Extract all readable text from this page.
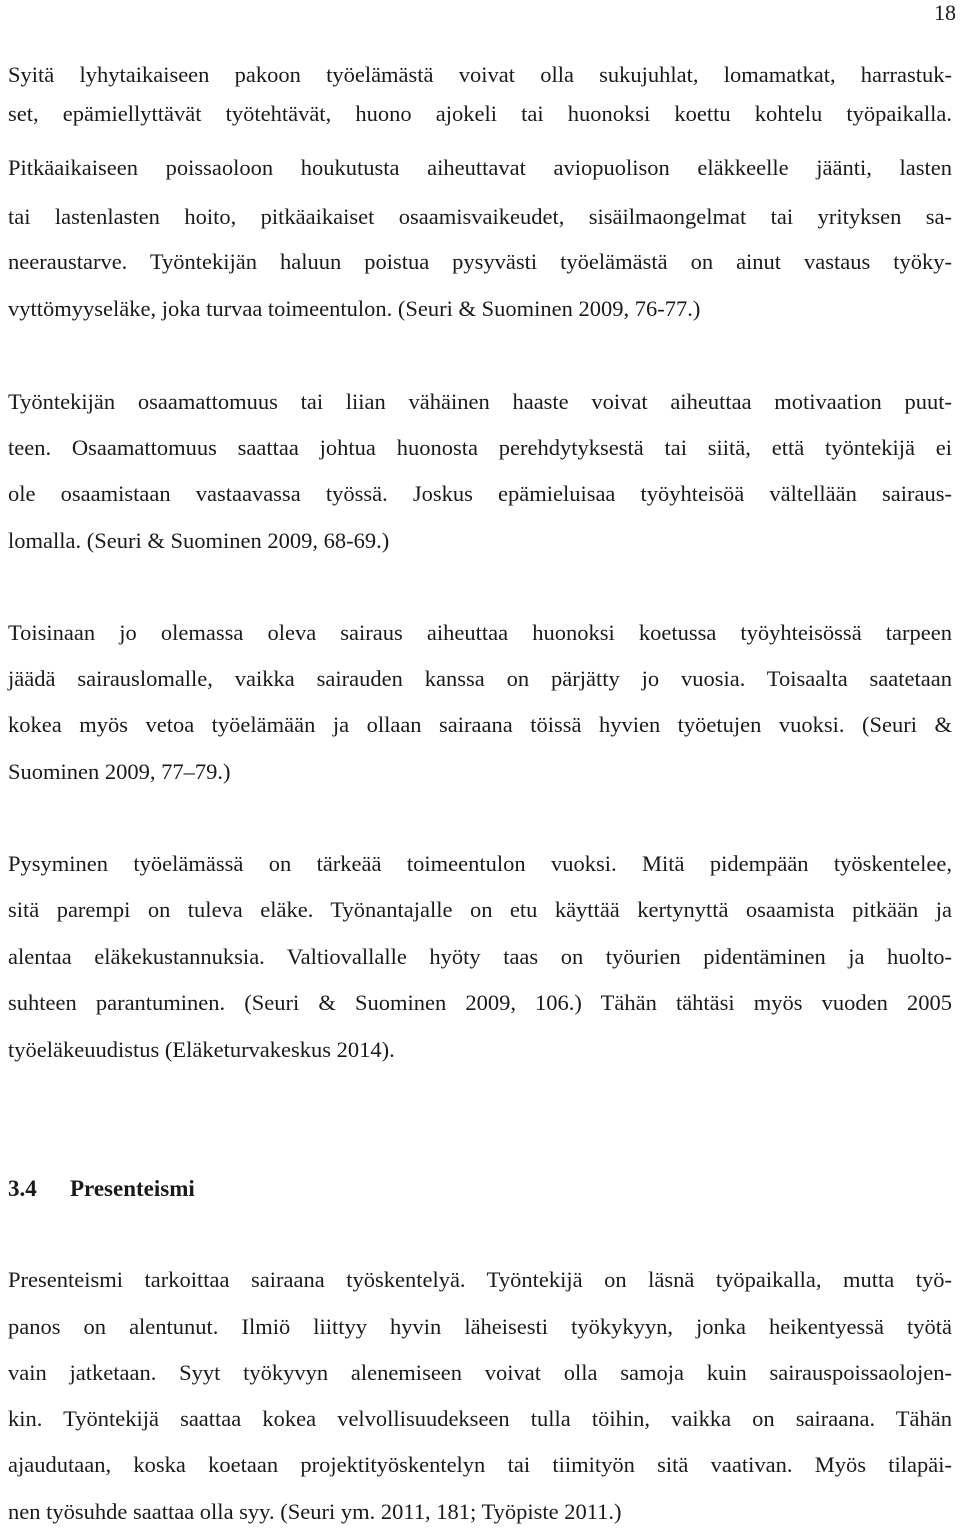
18
Syitä lyhytaikaiseen pakoon työelämästä voivat olla sukujuhlat, lomamatkat, harrastuk-
set, epämiellyttävät työtehtävät, huono ajokeli tai huonoksi koettu kohtelu työpaikalla.
Pitkäaikaiseen poissaoloon houkutusta aiheuttavat aviopuolison eläkkeelle jäänti, lasten
tai lastenlasten hoito, pitkäaikaiset osaamisvaikeudet, sisäilmaongelmat tai yrityksen sa-
neeraustarve. Työntekijän haluun poistua pysyvästi työelämästä on ainut vastaus työky-
vyttömyyseläke, joka turvaa toimeentulon. (Seuri & Suominen 2009, 76-77.)
Työntekijän osaamattomuus tai liian vähäinen haaste voivat aiheuttaa motivaation puut-
teen. Osaamattomuus saattaa johtua huonosta perehdytyksestä tai siitä, että työntekijä ei
ole osaamistaan vastaavassa työssä. Joskus epämieluisaa työyhteisöä vältellään sairaus-
lomalla. (Seuri & Suominen 2009, 68-69.)
Toisinaan jo olemassa oleva sairaus aiheuttaa huonoksi koetussa työyhteisössä tarpeen
jäädä sairauslomalle, vaikka sairauden kanssa on pärjätty jo vuosia. Toisaalta saatetaan
kokea myös vetoa työelämään ja ollaan sairaana töissä hyvien työetujen vuoksi. (Seuri &
Suominen 2009, 77–79.)
Pysyminen työelämässä on tärkeää toimeentulon vuoksi. Mitä pidempään työskentelee,
sitä parempi on tuleva eläke. Työnantajalle on etu käyttää kertynyttä osaamista pitkään ja
alentaa eläkekustannuksia. Valtiovallalle hyöty taas on työurien pidentäminen ja huolto-
suhteen parantuminen. (Seuri & Suominen 2009, 106.) Tähän tähtäsi myös vuoden 2005
työeläkeuudistus (Eläketurvakeskus 2014).
3.4 Presenteismi
Presenteismi tarkoittaa sairaana työskentelyä. Työntekijä on läsnä työpaikalla, mutta työ-
panos on alentunut. Ilmiö liittyy hyvin läheisesti työkykyyn, jonka heikentyessä työtä
vain jatketaan. Syyt työkyvyn alenemiseen voivat olla samoja kuin sairauspoissaolojen-
kin. Työntekijä saattaa kokea velvollisuudekseen tulla töihin, vaikka on sairaana. Tähän
ajaudutaan, koska koetaan projektityöskentelyn tai tiimityön sitä vaativan. Myös tilapäi-
nen työsuhde saattaa olla syy. (Seuri ym. 2011, 181; Työpiste 2011.)
